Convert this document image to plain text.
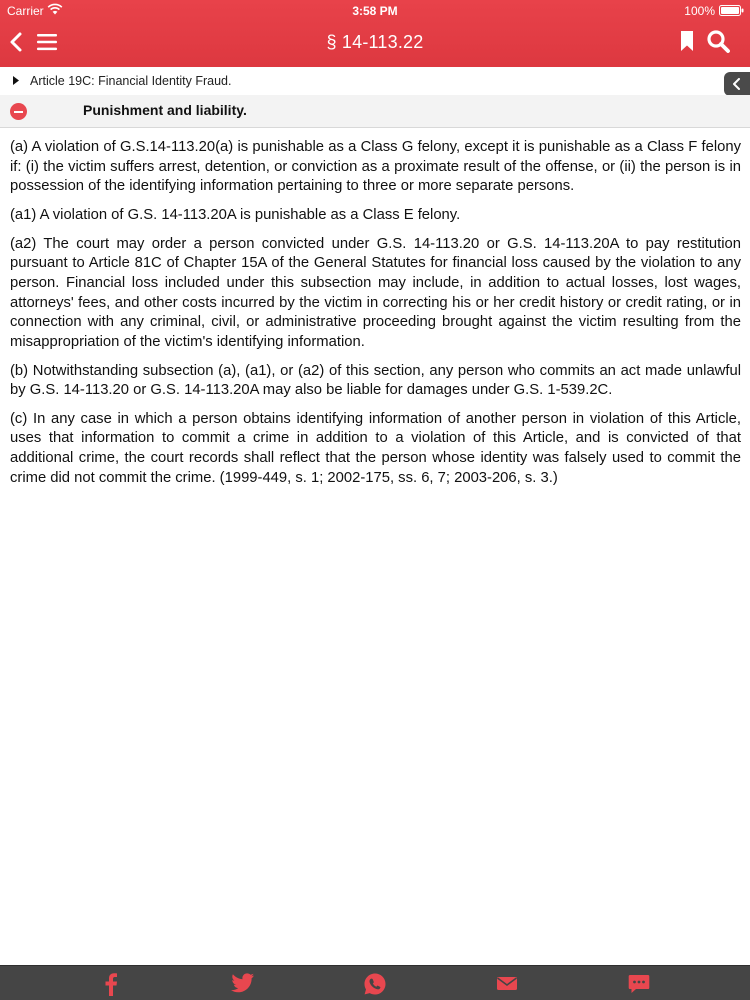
Carrier	3:58 PM	100%
§ 14-113.22
Article 19C: Financial Identity Fraud.
Punishment and liability.

(a) A violation of G.S.14-113.20(a) is punishable as a Class G felony, except it is punishable as a Class F felony if: (i) the victim suffers arrest, detention, or conviction as a proximate result of the offense, or (ii) the person is in possession of the identifying information pertaining to three or more separate persons.

(a1) A violation of G.S. 14-113.20A is punishable as a Class E felony.

(a2) The court may order a person convicted under G.S. 14-113.20 or G.S. 14-113.20A to pay restitution pursuant to Article 81C of Chapter 15A of the General Statutes for financial loss caused by the violation to any person. Financial loss included under this subsection may include, in addition to actual losses, lost wages, attorneys' fees, and other costs incurred by the victim in correcting his or her credit history or credit rating, or in connection with any criminal, civil, or administrative proceeding brought against the victim resulting from the misappropriation of the victim's identifying information.

(b) Notwithstanding subsection (a), (a1), or (a2) of this section, any person who commits an act made unlawful by G.S. 14-113.20 or G.S. 14-113.20A may also be liable for damages under G.S. 1-539.2C.

(c) In any case in which a person obtains identifying information of another person in violation of this Article, uses that information to commit a crime in addition to a violation of this Article, and is convicted of that additional crime, the court records shall reflect that the person whose identity was falsely used to commit the crime did not commit the crime. (1999-449, s. 1; 2002-175, ss. 6, 7; 2003-206, s. 3.)
